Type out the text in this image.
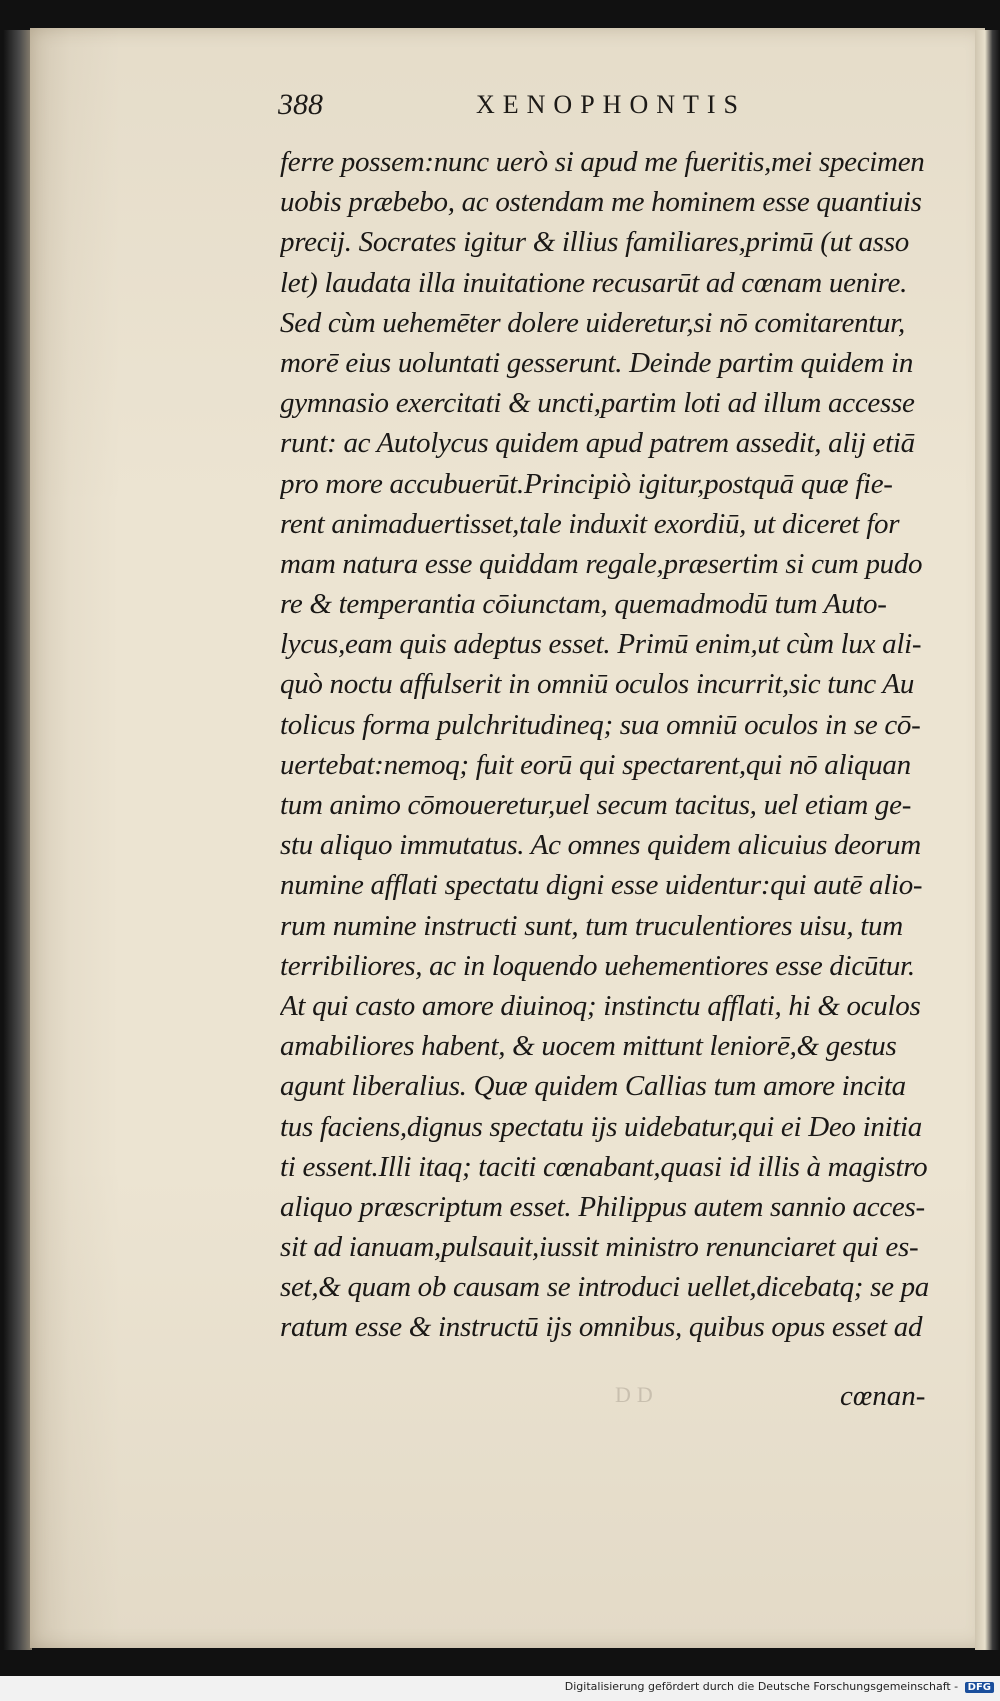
388	XENOPHONTIS
ferre possem:nunc uerò si apud me fueritis,mei specimen
uobis præbebo, ac ostendam me hominem esse quantiuis
precij. Socrates igitur & illius familiares,primū (ut asso
let) laudata illa inuitatione recusarūt ad cœnam uenire.
Sed cùm uehemēter dolere uideretur,si nō comitarentur,
morē eius uoluntati gesserunt. Deinde partim quidem in
gymnasio exercitati & uncti,partim loti ad illum accesse
runt: ac Autolycus quidem apud patrem assedit, alij etiā
pro more accubuerūt.Principiò igitur,postquā quæ fie-
rent animaduertisset,tale induxit exordiū, ut diceret for
mam natura esse quiddam regale,præsertim si cum pudo
re & temperantia cōiunctam, quemadmodū tum Auto-
lycus,eam quis adeptus esset. Primū enim,ut cùm lux ali-
quò noctu affulserit in omniū oculos incurrit,sic tunc Au
tolicus forma pulchritudineq; sua omniū oculos in se cō-
uertebat:nemoq; fuit eorū qui spectarent,qui nō aliquan
tum animo cōmoueretur,uel secum tacitus, uel etiam ge-
stu aliquo immutatus. Ac omnes quidem alicuius deorum
numine afflati spectatu digni esse uidentur:qui autē alio-
rum numine instructi sunt, tum truculentiores uisu, tum
terribiliores, ac in loquendo uehementiores esse dicūtur.
At qui casto amore diuinoq; instinctu afflati, hi & oculos
amabiliores habent, & uocem mittunt leniorē,& gestus
agunt liberalius. Quæ quidem Callias tum amore incita
tus faciens,dignus spectatu ijs uidebatur,qui ei Deo initia
ti essent.Illi itaq; taciti cœnabant,quasi id illis à magistro
aliquo præscriptum esset. Philippus autem sannio acces-
sit ad ianuam,pulsauit,iussit ministro renunciaret qui es-
set,& quam ob causam se introduci uellet,dicebatq; se pa
ratum esse & instructū ijs omnibus, quibus opus esset ad
DD	cœnan-
Digitalisierung gefördert durch die Deutsche Forschungsgemeinschaft - DFG
